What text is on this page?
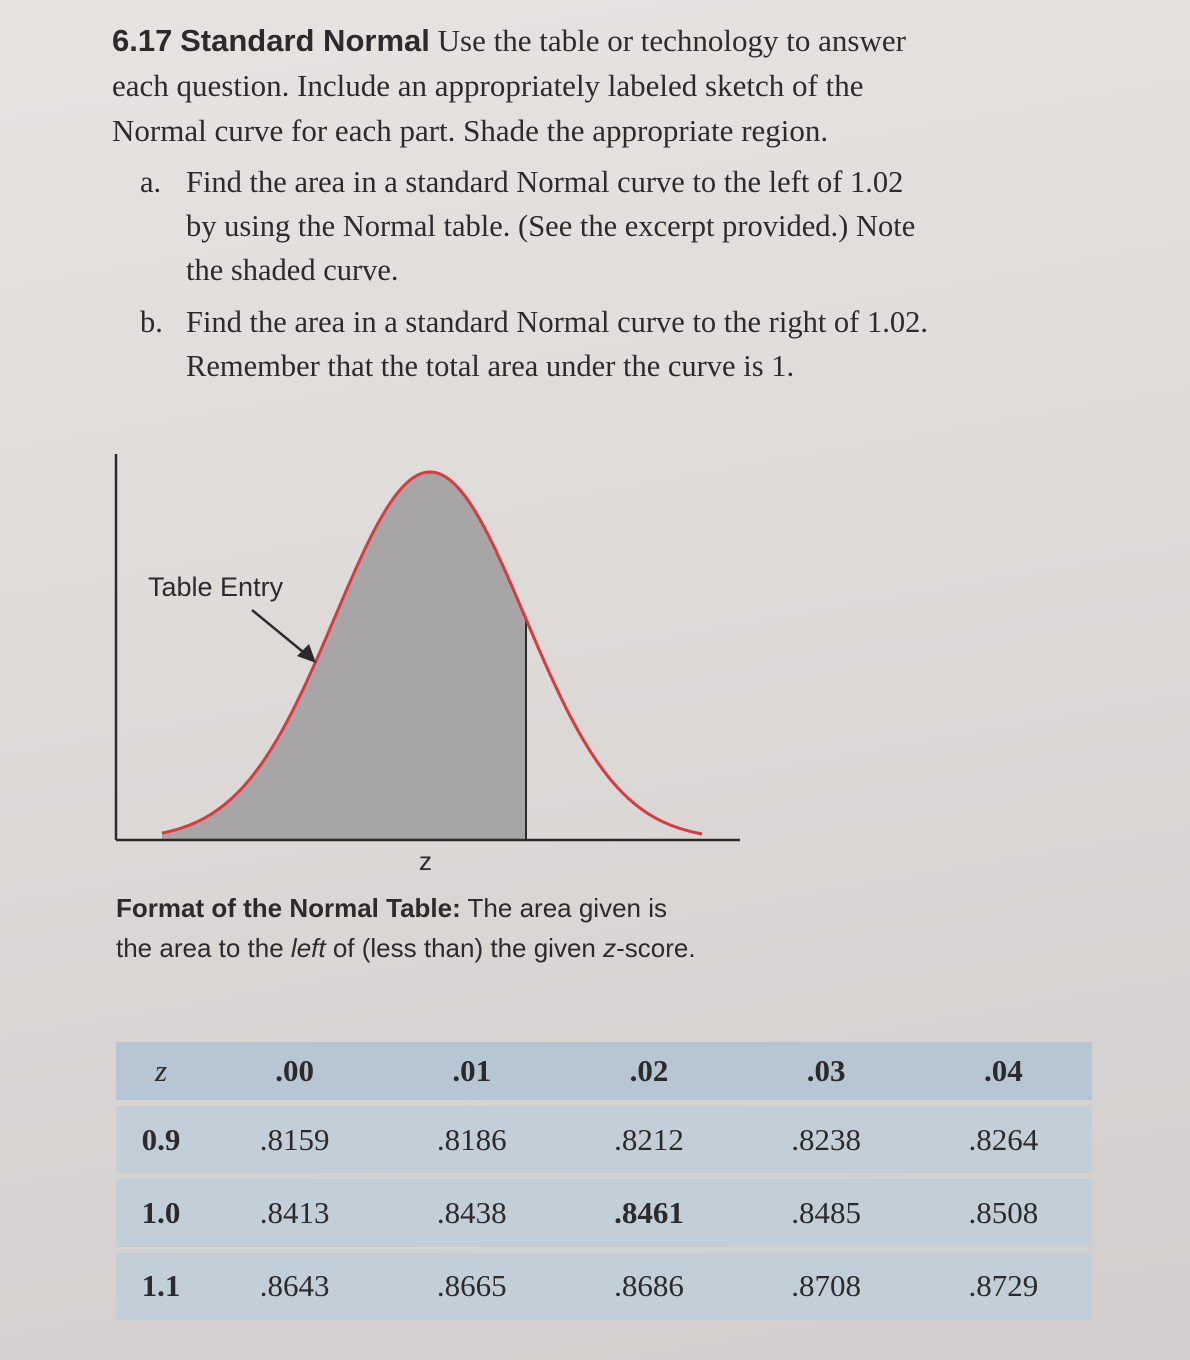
6.17 Standard Normal Use the table or technology to answer
each question. Include an appropriately labeled sketch of the
Normal curve for each part. Shade the appropriate region.
a. Find the area in a standard Normal curve to the left of 1.02
by using the Normal table. (See the excerpt provided.) Note
the shaded curve.
b. Find the area in a standard Normal curve to the right of 1.02.
Remember that the total area under the curve is 1.
Table Entry
z
Format of the Normal Table: The area given is
the area to the left of (less than) the given z-score.
z	.00	.01	.02	.03	.04
0.9	.8159	.8186	.8212	.8238	.8264
1.0	.8413	.8438	.8461	.8485	.8508
1.1	.8643	.8665	.8686	.8708	.8729
